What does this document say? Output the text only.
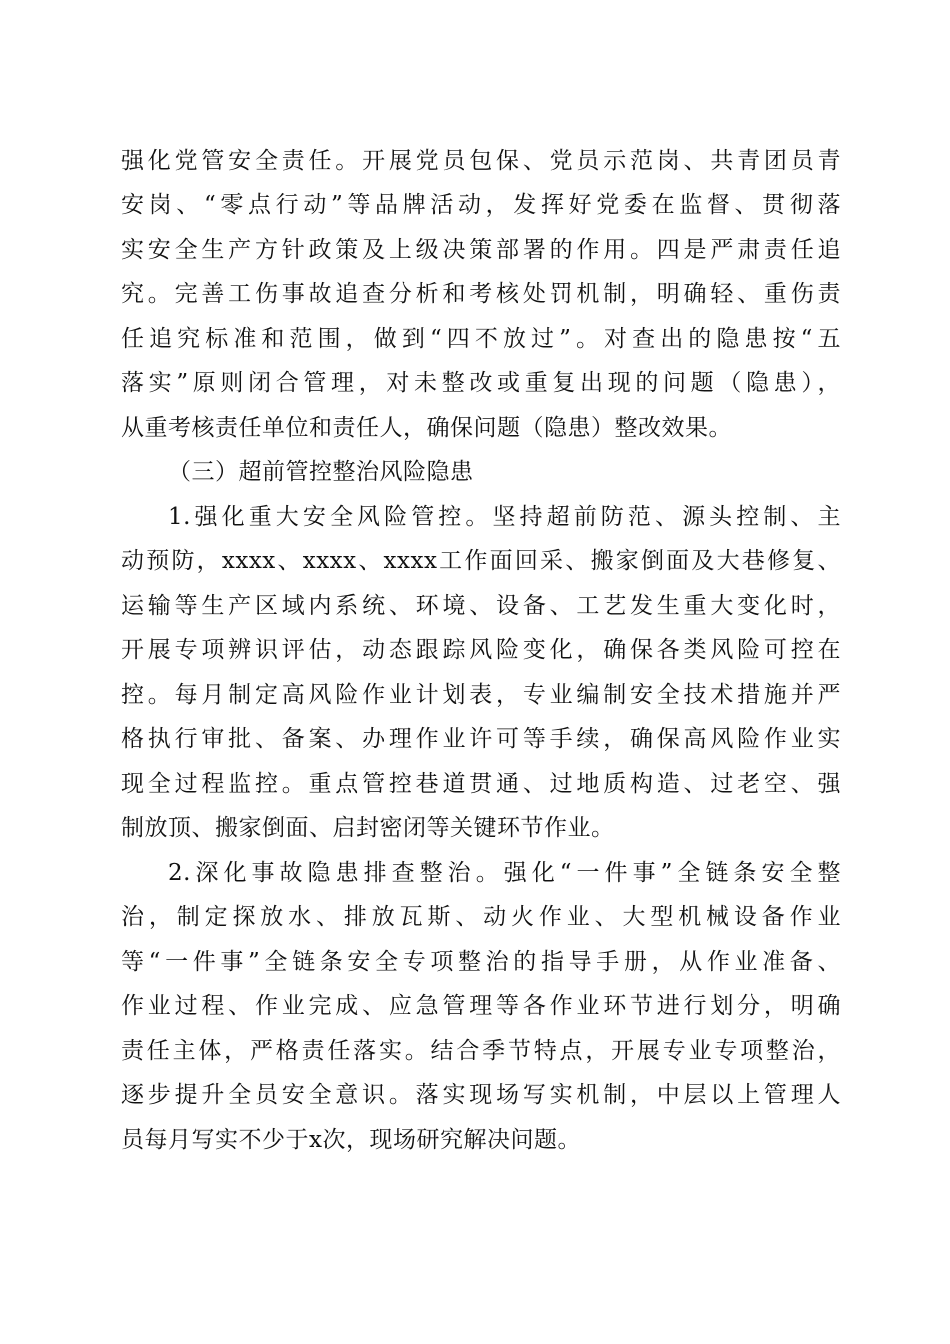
强化党管安全责任。开展党员包保、党员示范岗、共青团员青
安岗、“零点行动”等品牌活动，发挥好党委在监督、贯彻落
实安全生产方针政策及上级决策部署的作用。四是严肃责任追
究。完善工伤事故追查分析和考核处罚机制，明确轻、重伤责
任追究标准和范围，做到“四不放过”。对查出的隐患按“五
落实”原则闭合管理，对未整改或重复出现的问题（隐患），
从重考核责任单位和责任人，确保问题（隐患）整改效果。
（三）超前管控整治风险隐患
1.强化重大安全风险管控。坚持超前防范、源头控制、主
动预防，xxxx、xxxx、xxxx工作面回采、搬家倒面及大巷修复、
运输等生产区域内系统、环境、设备、工艺发生重大变化时，
开展专项辨识评估，动态跟踪风险变化，确保各类风险可控在
控。每月制定高风险作业计划表，专业编制安全技术措施并严
格执行审批、备案、办理作业许可等手续，确保高风险作业实
现全过程监控。重点管控巷道贯通、过地质构造、过老空、强
制放顶、搬家倒面、启封密闭等关键环节作业。
2.深化事故隐患排查整治。强化“一件事”全链条安全整
治，制定探放水、排放瓦斯、动火作业、大型机械设备作业
等“一件事”全链条安全专项整治的指导手册，从作业准备、
作业过程、作业完成、应急管理等各作业环节进行划分，明确
责任主体，严格责任落实。结合季节特点，开展专业专项整治，
逐步提升全员安全意识。落实现场写实机制，中层以上管理人
员每月写实不少于x次，现场研究解决问题。
